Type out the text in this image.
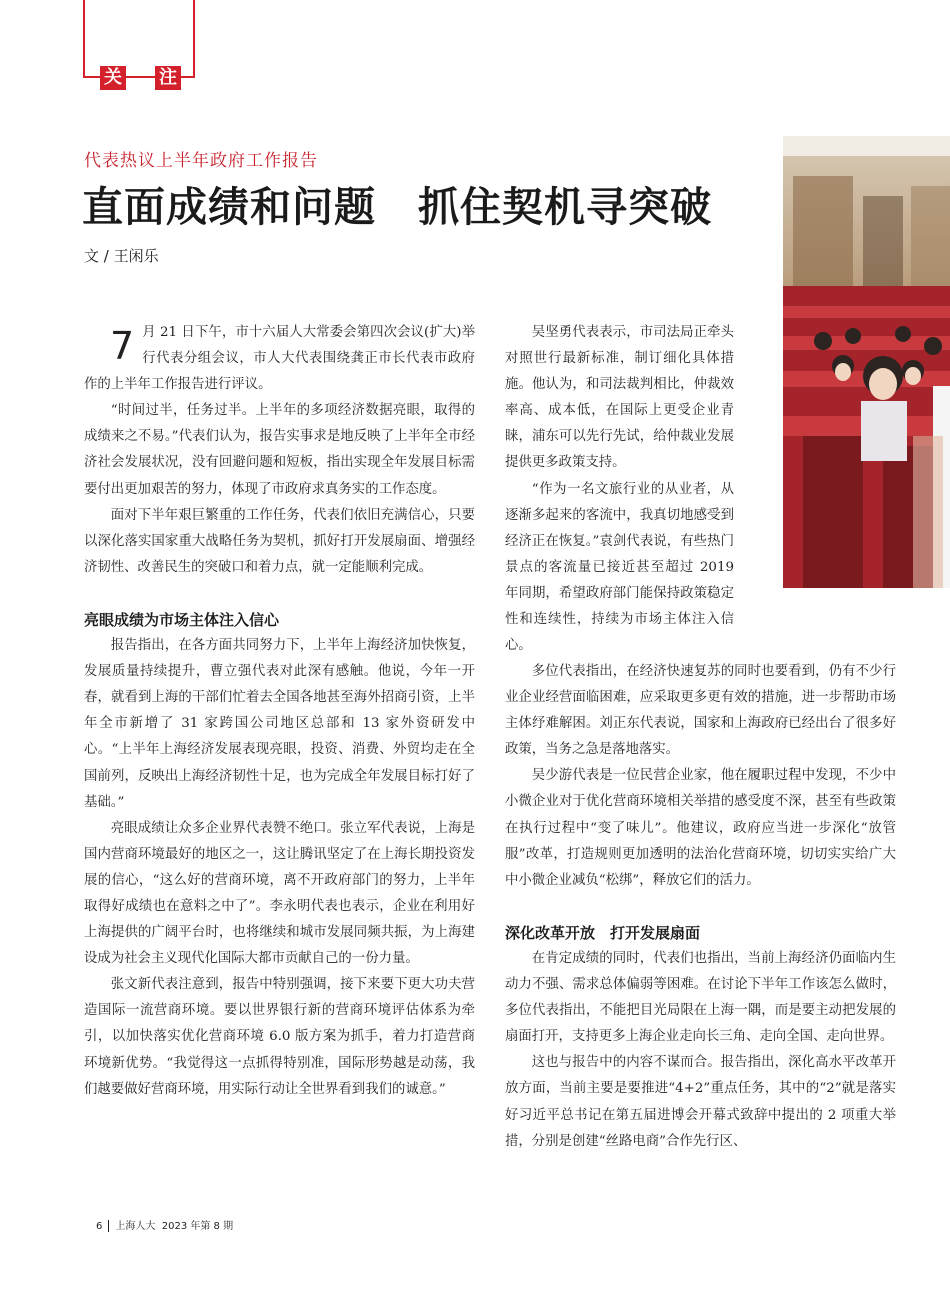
关 注
代表热议上半年政府工作报告
直面成绩和问题　抓住契机寻突破
文 / 王闲乐

7 月 21 日下午，市十六届人大常委会第四次会议(扩大)举行代表分组会议，市人大代表围绕龚正市长代表市政府作的上半年工作报告进行评议。

“时间过半，任务过半。上半年的多项经济数据亮眼，取得的成绩来之不易。”代表们认为，报告实事求是地反映了上半年全市经济社会发展状况，没有回避问题和短板，指出实现全年发展目标需要付出更加艰苦的努力，体现了市政府求真务实的工作态度。

面对下半年艰巨繁重的工作任务，代表们依旧充满信心，只要以深化落实国家重大战略任务为契机，抓好打开发展扇面、增强经济韧性、改善民生的突破口和着力点，就一定能顺利完成。

亮眼成绩为市场主体注入信心

报告指出，在各方面共同努力下，上半年上海经济加快恢复，发展质量持续提升，曹立强代表对此深有感触。他说，今年一开春，就看到上海的干部们忙着去全国各地甚至海外招商引资，上半年全市新增了 31 家跨国公司地区总部和 13 家外资研发中心。“上半年上海经济发展表现亮眼，投资、消费、外贸均走在全国前列，反映出上海经济韧性十足，也为完成全年发展目标打好了基础。”

亮眼成绩让众多企业界代表赞不绝口。张立军代表说，上海是国内营商环境最好的地区之一，这让腾讯坚定了在上海长期投资发展的信心，“这么好的营商环境，离不开政府部门的努力，上半年取得好成绩也在意料之中了”。李永明代表也表示，企业在利用好上海提供的广阔平台时，也将继续和城市发展同频共振，为上海建设成为社会主义现代化国际大都市贡献自己的一份力量。

张文新代表注意到，报告中特别强调，接下来要下更大功夫营造国际一流营商环境。要以世界银行新的营商环境评估体系为牵引，以加快落实优化营商环境 6.0 版方案为抓手，着力打造营商环境新优势。“我觉得这一点抓得特别准，国际形势越是动荡，我们越要做好营商环境，用实际行动让全世界看到我们的诚意。”

吴坚勇代表表示，市司法局正牵头对照世行最新标准，制订细化具体措施。他认为，和司法裁判相比，仲裁效率高、成本低，在国际上更受企业青睐，浦东可以先行先试，给仲裁业发展提供更多政策支持。

“作为一名文旅行业的从业者，从逐渐多起来的客流中，我真切地感受到经济正在恢复。”袁剑代表说，有些热门景点的客流量已接近甚至超过 2019 年同期，希望政府部门能保持政策稳定性和连续性，持续为市场主体注入信心。

多位代表指出，在经济快速复苏的同时也要看到，仍有不少行业企业经营面临困难，应采取更多更有效的措施，进一步帮助市场主体纾难解困。刘正东代表说，国家和上海政府已经出台了很多好政策，当务之急是落地落实。

吴少游代表是一位民营企业家，他在履职过程中发现，不少中小微企业对于优化营商环境相关举措的感受度不深，甚至有些政策在执行过程中“变了味儿”。他建议，政府应当进一步深化“放管服”改革，打造规则更加透明的法治化营商环境，切切实实给广大中小微企业减负“松绑”，释放它们的活力。

深化改革开放　打开发展扇面

在肯定成绩的同时，代表们也指出，当前上海经济仍面临内生动力不强、需求总体偏弱等困难。在讨论下半年工作该怎么做时，多位代表指出，不能把目光局限在上海一隅，而是要主动把发展的扇面打开，支持更多上海企业走向长三角、走向全国、走向世界。

这也与报告中的内容不谋而合。报告指出，深化高水平改革开放方面，当前主要是要推进“4+2”重点任务，其中的“2”就是落实好习近平总书记在第五届进博会开幕式致辞中提出的 2 项重大举措，分别是创建“丝路电商”合作先行区、

6 上海人大 2023 年第 8 期
